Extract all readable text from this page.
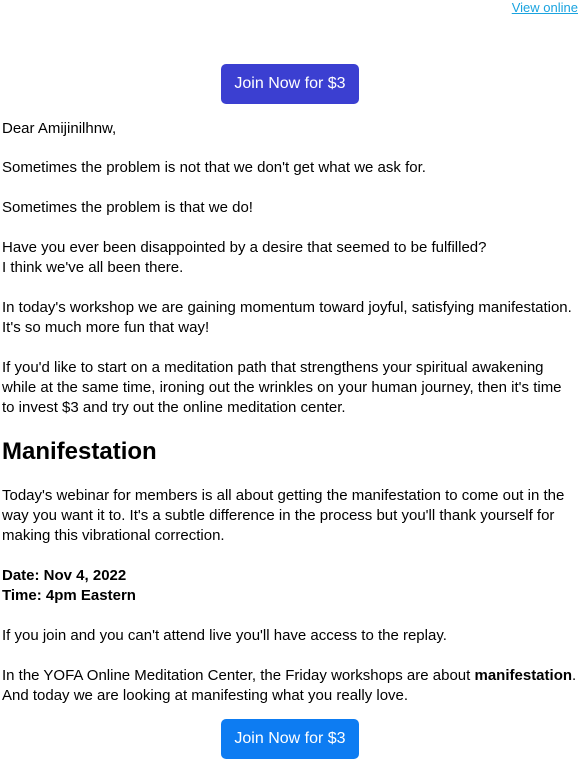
View online
Join Now for $3

Dear Amijinilhnw,

Sometimes the problem is not that we don't get what we ask for.

Sometimes the problem is that we do!

Have you ever been disappointed by a desire that seemed to be fulfilled?
I think we've all been there.

In today's workshop we are gaining momentum toward joyful, satisfying manifestation. It's so much more fun that way!

If you'd like to start on a meditation path that strengthens your spiritual awakening while at the same time, ironing out the wrinkles on your human journey, then it's time to invest $3 and try out the online meditation center.

Manifestation

Today's webinar for members is all about getting the manifestation to come out in the way you want it to. It's a subtle difference in the process but you'll thank yourself for making this vibrational correction.

Date: Nov 4, 2022
Time: 4pm Eastern

If you join and you can't attend live you'll have access to the replay.

In the YOFA Online Meditation Center, the Friday workshops are about manifestation. And today we are looking at manifesting what you really love.

Join Now for $3
